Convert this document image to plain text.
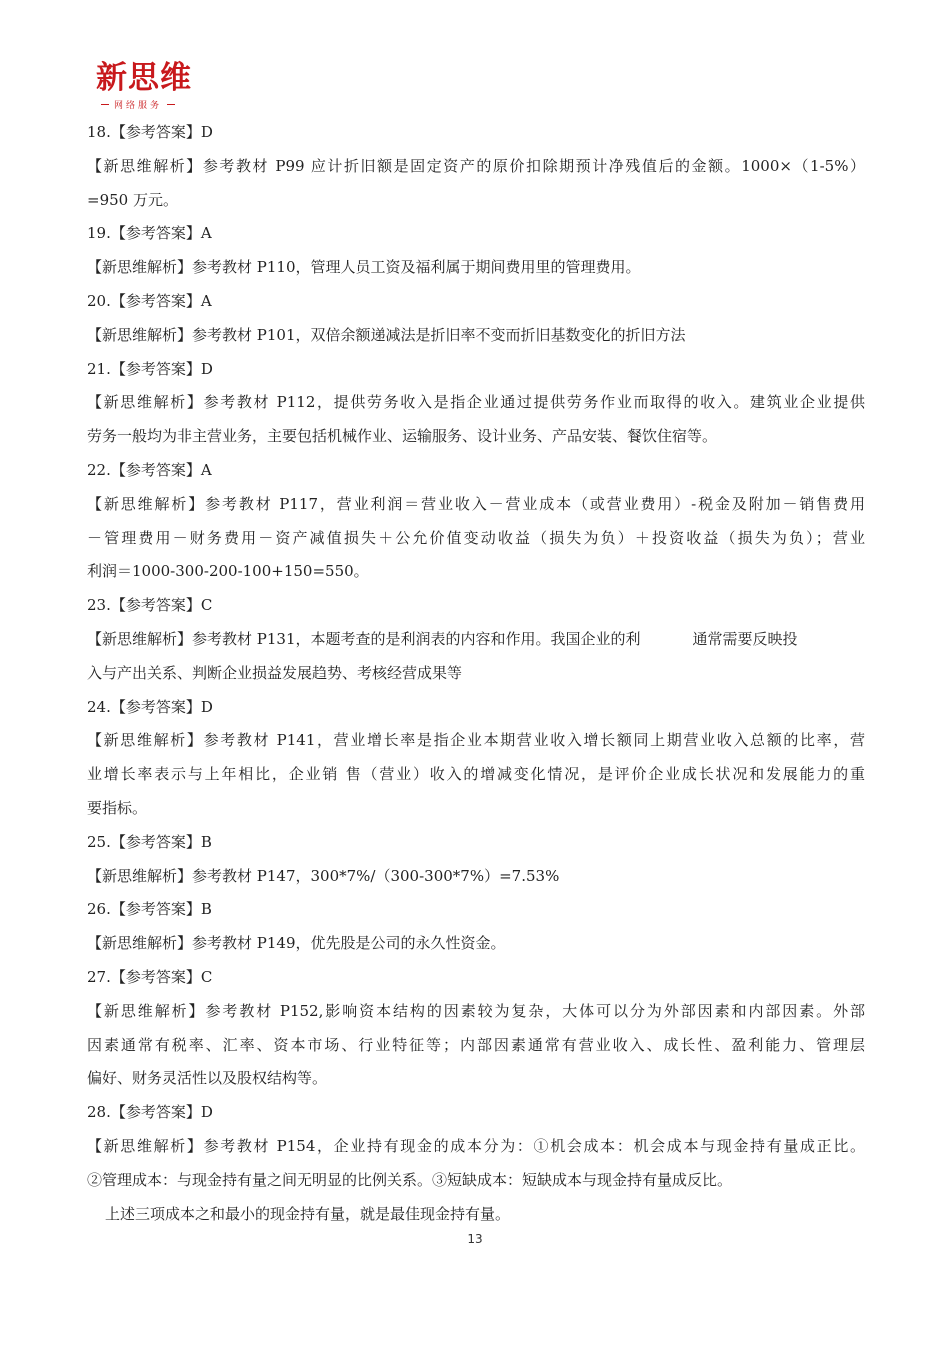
新思维
网络服务
18.【参考答案】D
【新思维解析】参考教材 P99 应计折旧额是固定资产的原价扣除期预计净残值后的金额。1000×（1-5%）
=950 万元。
19.【参考答案】A
【新思维解析】参考教材 P110，管理人员工资及福利属于期间费用里的管理费用。
20.【参考答案】A
【新思维解析】参考教材 P101，双倍余额递减法是折旧率不变而折旧基数变化的折旧方法
21.【参考答案】D
【新思维解析】参考教材 P112，提供劳务收入是指企业通过提供劳务作业而取得的收入。建筑业企业提供
劳务一般均为非主营业务，主要包括机械作业、运输服务、设计业务、产品安装、餐饮住宿等。
22.【参考答案】A
【新思维解析】参考教材 P117，营业利润＝营业收入－营业成本（或营业费用）-税金及附加－销售费用
－管理费用－财务费用－资产减值损失＋公允价值变动收益（损失为负）＋投资收益（损失为负）；营业
利润＝1000-300-200-100+150=550。
23.【参考答案】C
【新思维解析】参考教材 P131，本题考查的是利润表的内容和作用。我国企业的利	通常需要反映投
入与产出关系、判断企业损益发展趋势、考核经营成果等
24.【参考答案】D
【新思维解析】参考教材 P141，营业增长率是指企业本期营业收入增长额同上期营业收入总额的比率，营
业增长率表示与上年相比，企业销 售（营业）收入的增减变化情况，是评价企业成长状况和发展能力的重
要指标。
25.【参考答案】B
【新思维解析】参考教材 P147，300*7%/（300-300*7%）=7.53%
26.【参考答案】B
【新思维解析】参考教材 P149，优先股是公司的永久性资金。
27.【参考答案】C
【新思维解析】参考教材 P152,影响资本结构的因素较为复杂，大体可以分为外部因素和内部因素。外部
因素通常有税率、汇率、资本市场、行业特征等；内部因素通常有营业收入、成长性、盈利能力、管理层
偏好、财务灵活性以及股权结构等。
28.【参考答案】D
【新思维解析】参考教材 P154，企业持有现金的成本分为：①机会成本：机会成本与现金持有量成正比。
②管理成本：与现金持有量之间无明显的比例关系。③短缺成本：短缺成本与现金持有量成反比。
上述三项成本之和最小的现金持有量，就是最佳现金持有量。
13
